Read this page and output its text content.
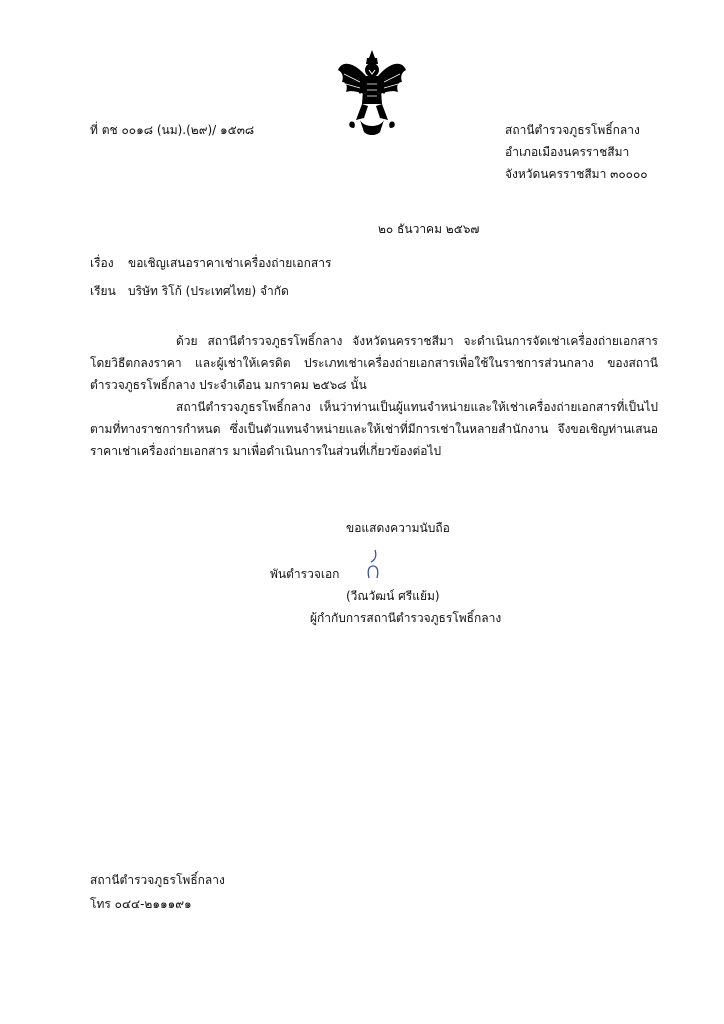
ที่ ตช ๐๐๑๘ (นม).(๒๙)/ ๑๕๓๘	สถานีตำรวจภูธรโพธิ์กลาง
อำเภอเมืองนครราชสีมา
จังหวัดนครราชสีมา ๓๐๐๐๐
๒๐ ธันวาคม ๒๕๖๗
เรื่อง ขอเชิญเสนอราคาเช่าเครื่องถ่ายเอกสาร
เรียน บริษัท ริโก้ (ประเทศไทย) จำกัด
ด้วย สถานีตำรวจภูธรโพธิ์กลาง จังหวัดนครราชสีมา จะดำเนินการจัดเช่าเครื่องถ่ายเอกสาร โดยวิธีตกลงราคา และผู้เช่าให้เครดิต ประเภทเช่าเครื่องถ่ายเอกสารเพื่อใช้ในราชการส่วนกลาง ของสถานีตำรวจภูธรโพธิ์กลาง ประจำเดือน มกราคม ๒๕๖๘ นั้น
สถานีตำรวจภูธรโพธิ์กลาง เห็นว่าท่านเป็นผู้แทนจำหน่ายและให้เช่าเครื่องถ่ายเอกสารที่เป็นไปตามที่ทางราชการกำหนด ซึ่งเป็นตัวแทนจำหน่ายและให้เช่าที่มีการเช่าในหลายสำนักงาน จึงขอเชิญท่านเสนอราคาเช่าเครื่องถ่ายเอกสาร มาเพื่อดำเนินการในส่วนที่เกี่ยวข้องต่อไป
ขอแสดงความนับถือ
พันตำรวจเอก
(วีณวัฒน์ ศรีแย้ม)
ผู้กำกับการสถานีตำรวจภูธรโพธิ์กลาง
สถานีตำรวจภูธรโพธิ์กลาง
โทร ๐๔๔-๒๑๑๑๙๑
